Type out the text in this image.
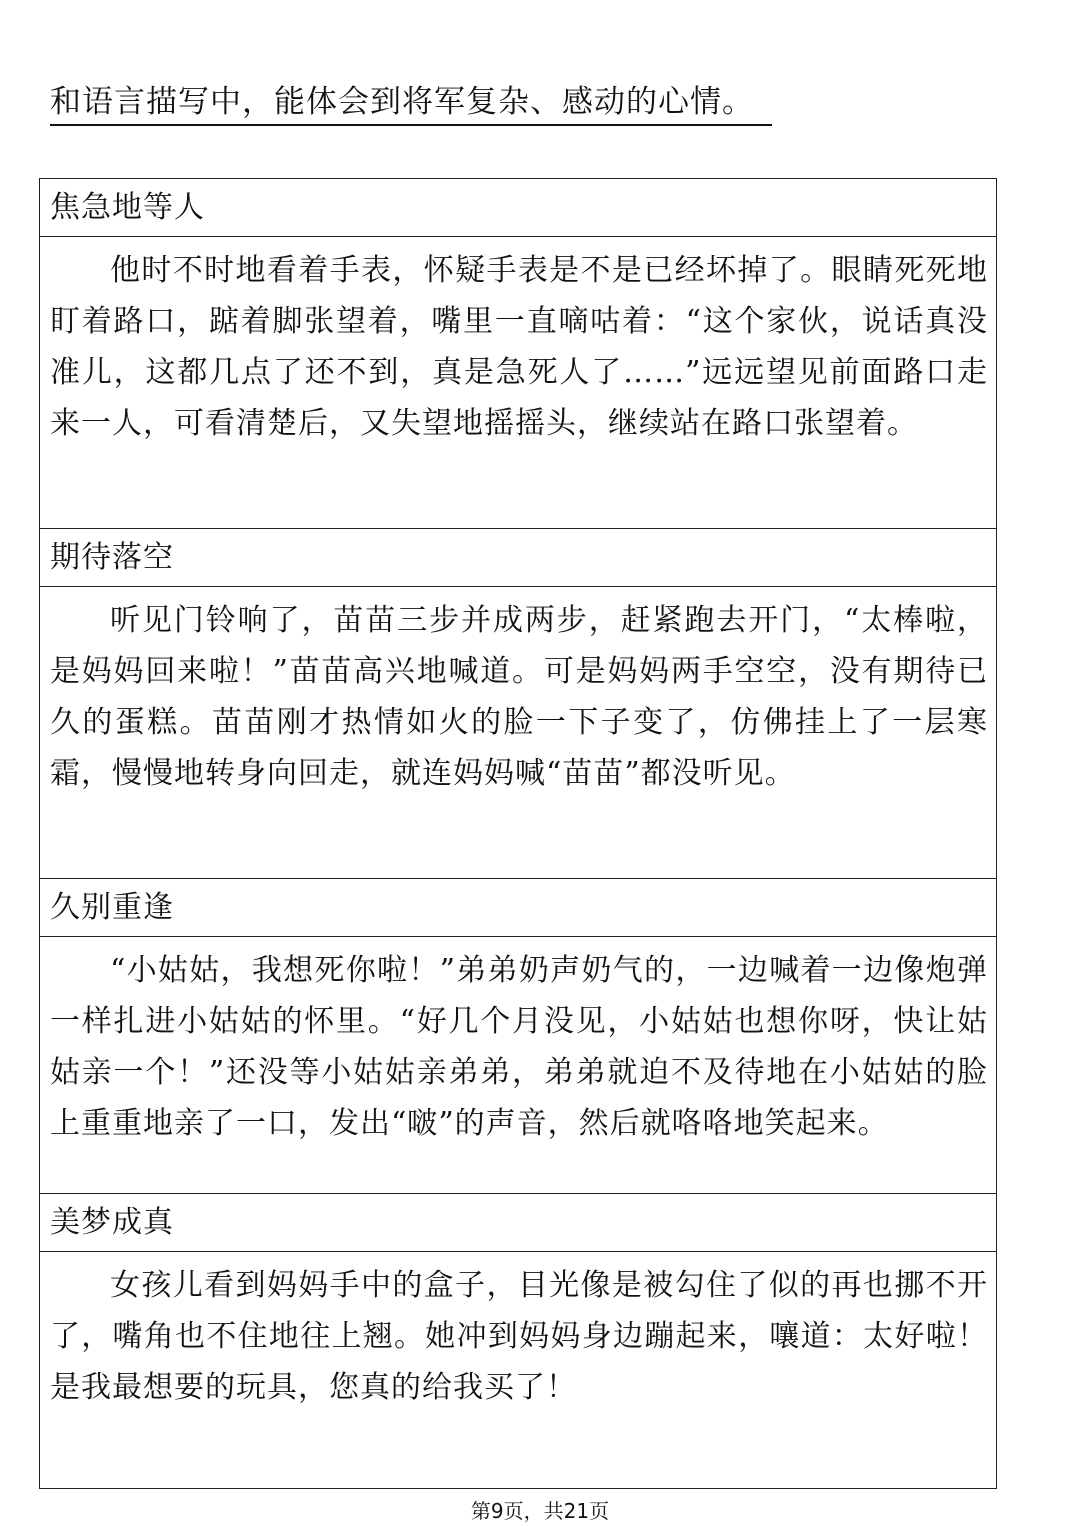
和语言描写中，能体会到将军复杂、感动的心情。
焦急地等人

他时不时地看着手表，怀疑手表是不是已经坏掉了。眼睛死死地盯着路口，踮着脚张望着，嘴里一直嘀咕着：“这个家伙，说话真没准儿，这都几点了还不到，真是急死人了……”远远望见前面路口走来一人，可看清楚后，又失望地摇摇头，继续站在路口张望着。

期待落空

听见门铃响了，苗苗三步并成两步，赶紧跑去开门，“太棒啦，是妈妈回来啦！”苗苗高兴地喊道。可是妈妈两手空空，没有期待已久的蛋糕。苗苗刚才热情如火的脸一下子变了，仿佛挂上了一层寒霜，慢慢地转身向回走，就连妈妈喊“苗苗”都没听见。

久别重逢

“小姑姑，我想死你啦！”弟弟奶声奶气的，一边喊着一边像炮弹一样扎进小姑姑的怀里。“好几个月没见，小姑姑也想你呀，快让姑姑亲一个！”还没等小姑姑亲弟弟，弟弟就迫不及待地在小姑姑的脸上重重地亲了一口，发出“啵”的声音，然后就咯咯地笑起来。

美梦成真

女孩儿看到妈妈手中的盒子，目光像是被勾住了似的再也挪不开了，嘴角也不住地往上翘。她冲到妈妈身边蹦起来，嚷道：太好啦！是我最想要的玩具，您真的给我买了！

第9页，共21页
